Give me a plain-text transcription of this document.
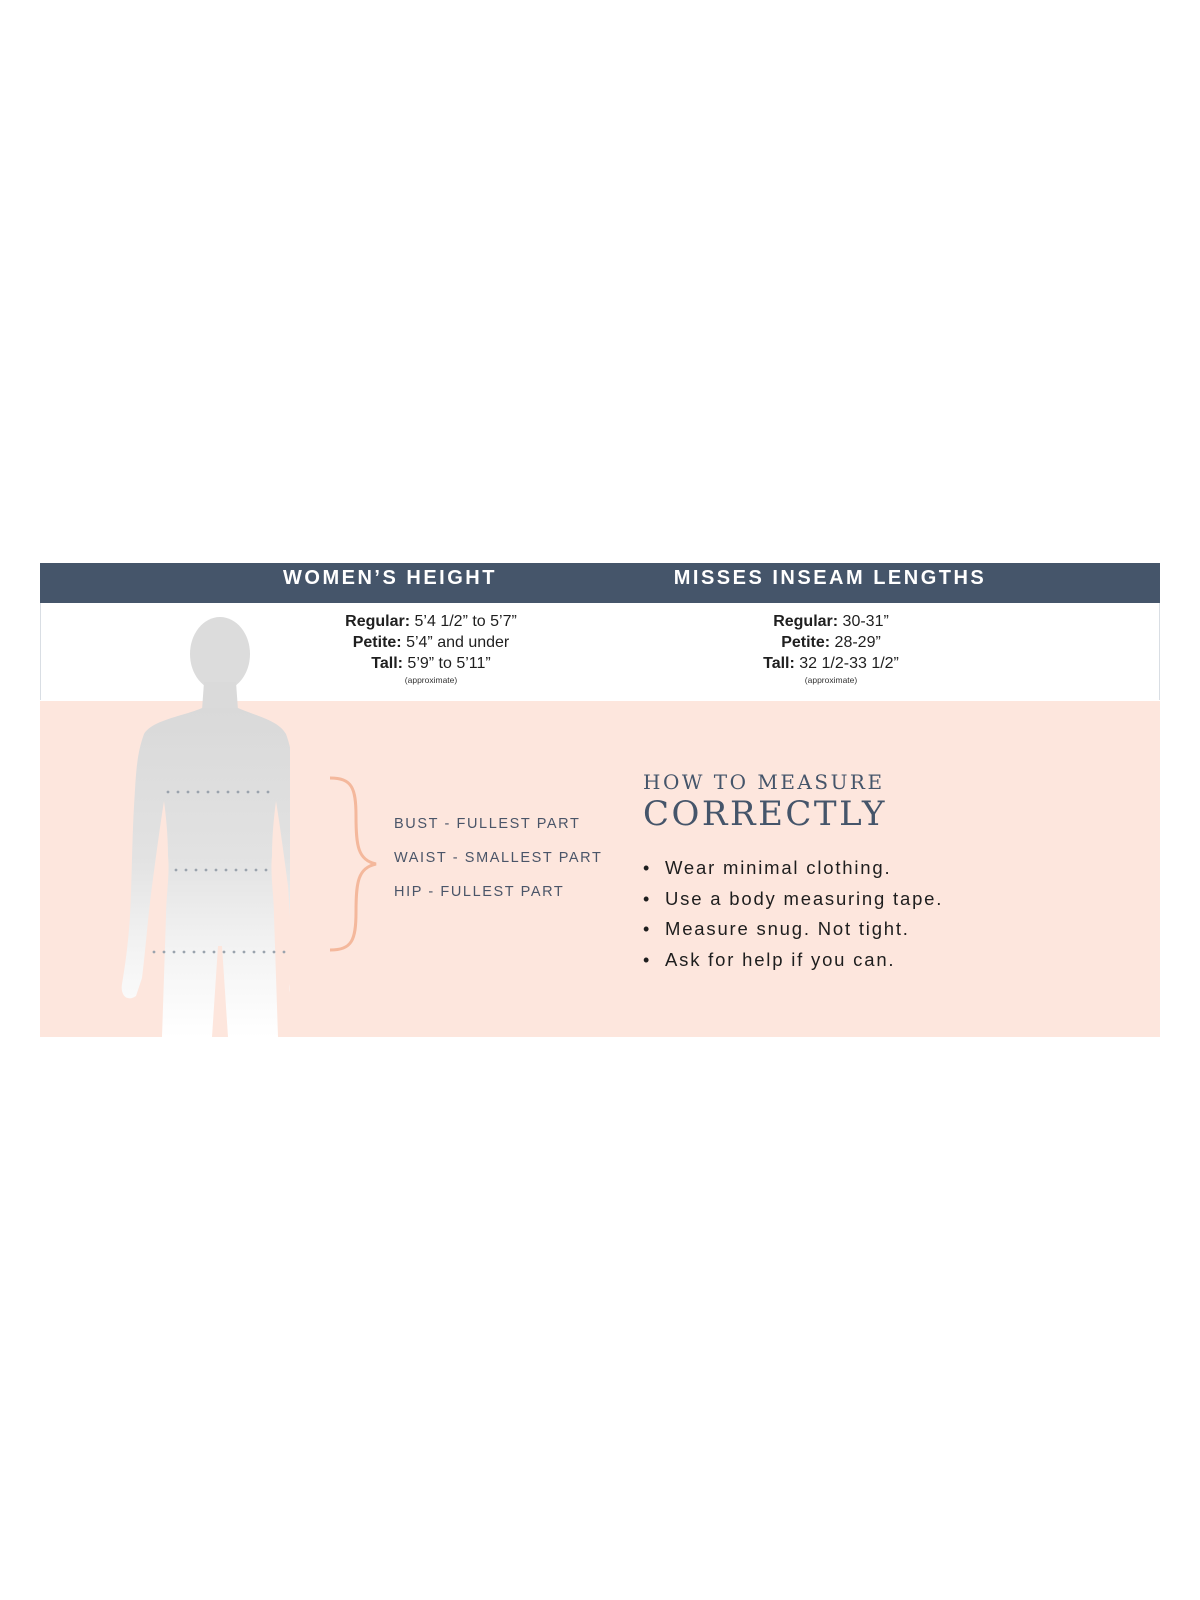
WOMEN’S HEIGHT	MISSES INSEAM LENGTHS
Regular: 5’4 1/2” to 5’7”
Petite: 5’4” and under
Tall: 5’9” to 5’11”
(approximate)
Regular: 30-31”
Petite: 28-29”
Tall: 32 1/2-33 1/2”
(approximate)
BUST - FULLEST PART
WAIST - SMALLEST PART
HIP - FULLEST PART
HOW TO MEASURE
CORRECTLY
• Wear minimal clothing.
• Use a body measuring tape.
• Measure snug. Not tight.
• Ask for help if you can.
